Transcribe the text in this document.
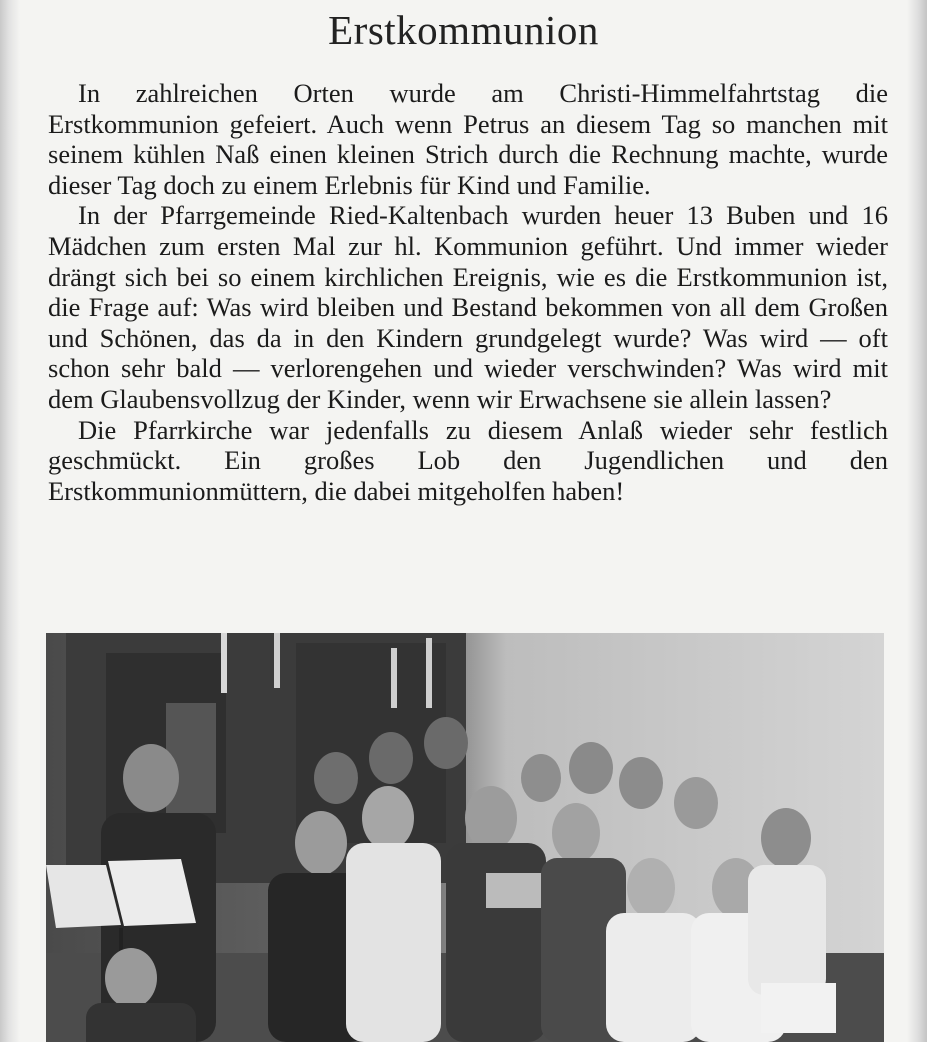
Erstkommunion

In zahlreichen Orten wurde am Christi-Himmelfahrtstag die Erstkommunion gefeiert. Auch wenn Petrus an diesem Tag so manchen mit seinem kühlen Naß einen kleinen Strich durch die Rechnung machte, wurde dieser Tag doch zu einem Erlebnis für Kind und Familie.

In der Pfarrgemeinde Ried-Kaltenbach wurden heuer 13 Buben und 16 Mädchen zum ersten Mal zur hl. Kommunion geführt. Und immer wieder drängt sich bei so einem kirchlichen Ereignis, wie es die Erstkommunion ist, die Frage auf: Was wird bleiben und Bestand bekommen von all dem Großen und Schönen, das da in den Kindern grundgelegt wurde? Was wird — oft schon sehr bald — verlorengehen und wieder verschwinden? Was wird mit dem Glaubensvollzug der Kinder, wenn wir Erwachsene sie allein lassen?

Die Pfarrkirche war jedenfalls zu diesem Anlaß wieder sehr festlich geschmückt. Ein großes Lob den Jugendlichen und den Erstkommunionmüttern, die dabei mitgeholfen haben!
